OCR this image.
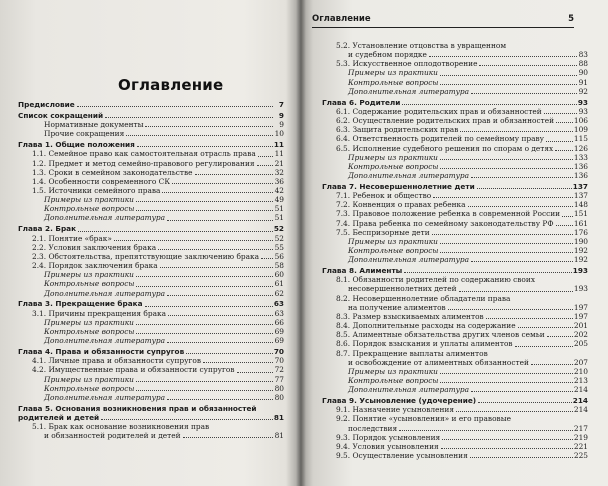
Оглавление
Предисловие	7
Список сокращений	9
Нормативные документы	9
Прочие сокращения	10
Глава 1. Общие положения	11
1.1. Семейное право как самостоятельная отрасль права	11
1.2. Предмет и метод семейно-правового регулирования	21
1.3. Сроки в семейном законодательстве	32
1.4. Особенности современного СК	36
1.5. Источники семейного права	42
Примеры из практики	49
Контрольные вопросы	51
Дополнительная литература	51
Глава 2. Брак	52
2.1. Понятие «брак»	52
2.2. Условия заключения брака	55
2.3. Обстоятельства, препятствующие заключению брака 56
2.4. Порядок заключения брака	58
Примеры из практики	60
Контрольные вопросы	61
Дополнительная литература	62
Глава 3. Прекращение брака	63
3.1. Причины прекращения брака	63
Примеры из практики	66
Контрольные вопросы	69
Дополнительная литература	69
Глава 4. Права и обязанности супругов	70
4.1. Личные права и обязанности супругов	70
4.2. Имущественные права и обязанности супругов	72
Примеры из практики	77
Контрольные вопросы	80
Дополнительная литература	80
Глава 5. Основания возникновения прав и обязанностей
родителей и детей	81
5.1. Брак как основание возникновения прав
и обязанностей родителей и детей	81
Оглавление	5
5.2. Установление отцовства в увращенном
и судебном порядке	83
5.3. Искусственное оплодотворение	88
Примеры из практики	90
Контрольные вопросы	91
Дополнительная литература	92
Глава 6. Родители	93
6.1. Содержание родительских прав и обязанностей	93
6.2. Осуществление родительских прав и обязанностей	106
6.3. Защита родительских прав	109
6.4. Ответственность родителей по семейному праву	115
6.5. Исполнение судебного решения по спорам о детях	126
Примеры из практики	133
Контрольные вопросы	136
Дополнительная литература	136
Глава 7. Несовершеннолетние дети	137
7.1. Ребенок и общество	137
7.2. Конвенция о правах ребенка	148
7.3. Правовое положение ребенка в современной России 151
7.4. Права ребенка по семейному законодательству РФ	161
7.5. Беспризорные дети	176
Примеры из практики	190
Контрольные вопросы	192
Дополнительная литература	192
Глава 8. Алименты	193
8.1. Обязанности родителей по содержанию своих
несовершеннолетних детей	193
8.2. Несовершеннолетние обладатели права
на получение алиментов	197
8.3. Размер взыскиваемых алиментов	197
8.4. Дополнительные расходы на содержание	201
8.5. Алиментные обязательства других членов семьи	202
8.6. Порядок взыскания и уплаты алиментов	205
8.7. Прекращение выплаты алиментов
и освобождение от алиментных обязанностей	207
Примеры из практики	210
Контрольные вопросы	213
Дополнительная литература	214
Глава 9. Усыновление (удочерение)	214
9.1. Назначение усыновления	214
9.2. Понятие «усыновления» и его правовые
последствия	217
9.3. Порядок усыновления	219
9.4. Условия усыновления	221
9.5. Осуществление усыновления	225
